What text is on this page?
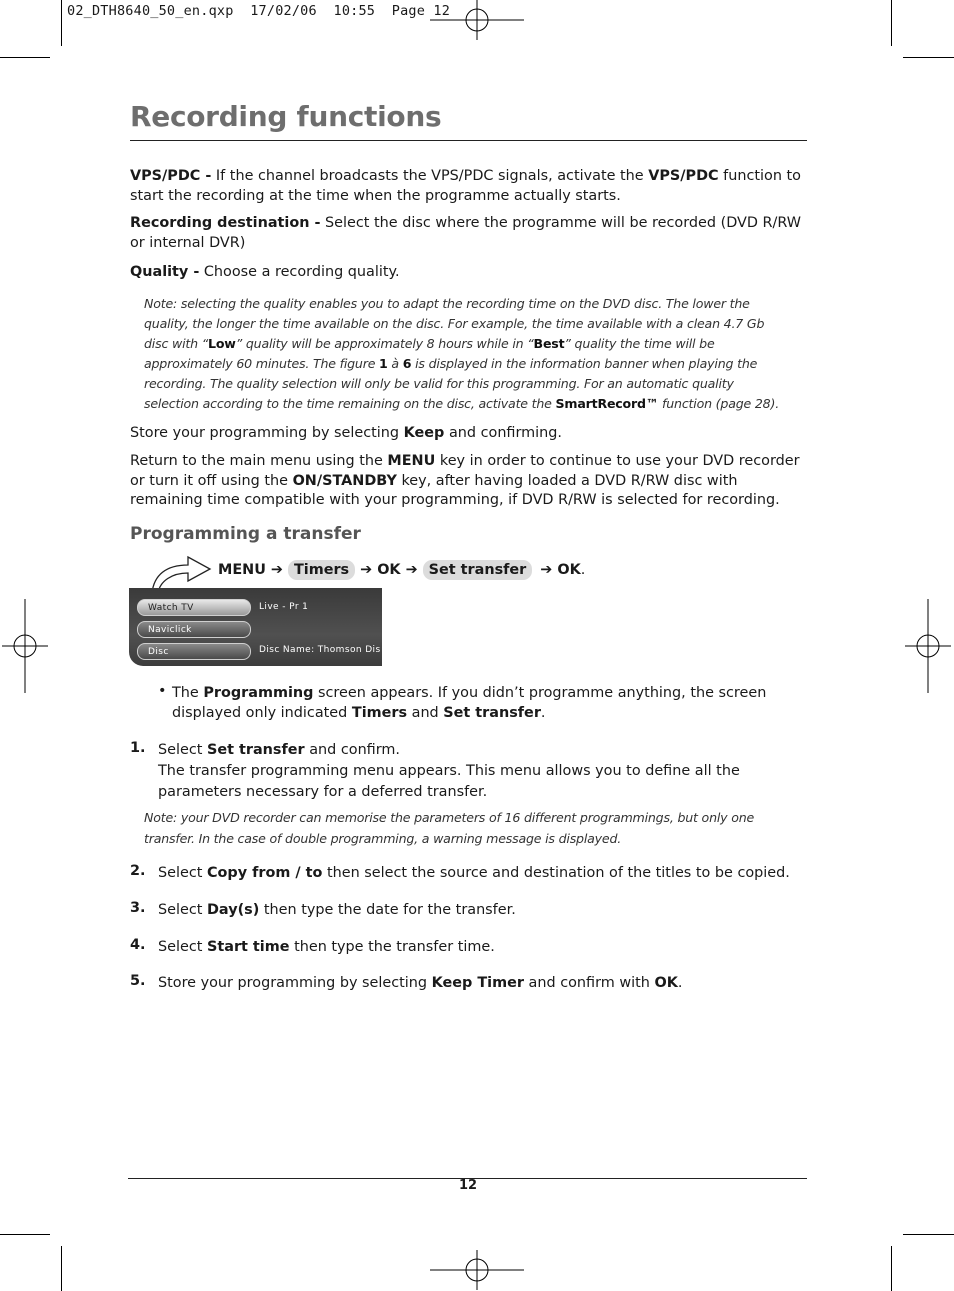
02_DTH8640_50_en.qxp  17/02/06  10:55  Page 12
Recording functions
VPS/PDC - If the channel broadcasts the VPS/PDC signals, activate the VPS/PDC function to start the recording at the time when the programme actually starts.
Recording destination - Select the disc where the programme will be recorded (DVD R/RW or internal DVR)
Quality - Choose a recording quality.
Note: selecting the quality enables you to adapt the recording time on the DVD disc. The lower the quality, the longer the time available on the disc. For example, the time available with a clean 4.7 Gb disc with “Low” quality will be approximately 8 hours while in “Best” quality the time will be approximately 60 minutes. The figure 1 à 6 is displayed in the information banner when playing the recording. The quality selection will only be valid for this programming. For an automatic quality selection according to the time remaining on the disc, activate the SmartRecord™ function (page 28).
Store your programming by selecting Keep and confirming.
Return to the main menu using the MENU key in order to continue to use your DVD recorder or turn it off using the ON/STANDBY key, after having loaded a DVD R/RW disc with remaining time compatible with your programming, if DVD R/RW is selected for recording.
Programming a transfer
MENU ➔ Timers ➔ OK ➔ Set transfer ➔ OK.
Watch TV
Naviclick
Disc
Live - Pr 1
Disc Name: Thomson Dis
• The Programming screen appears. If you didn’t programme anything, the screen displayed only indicated Timers and Set transfer.
1. Select Set transfer and confirm.
The transfer programming menu appears. This menu allows you to define all the parameters necessary for a deferred transfer.
Note: your DVD recorder can memorise the parameters of 16 different programmings, but only one transfer. In the case of double programming, a warning message is displayed.
2. Select Copy from / to then select the source and destination of the titles to be copied.
3. Select Day(s) then type the date for the transfer.
4. Select Start time then type the transfer time.
5. Store your programming by selecting Keep Timer and confirm with OK.
12
